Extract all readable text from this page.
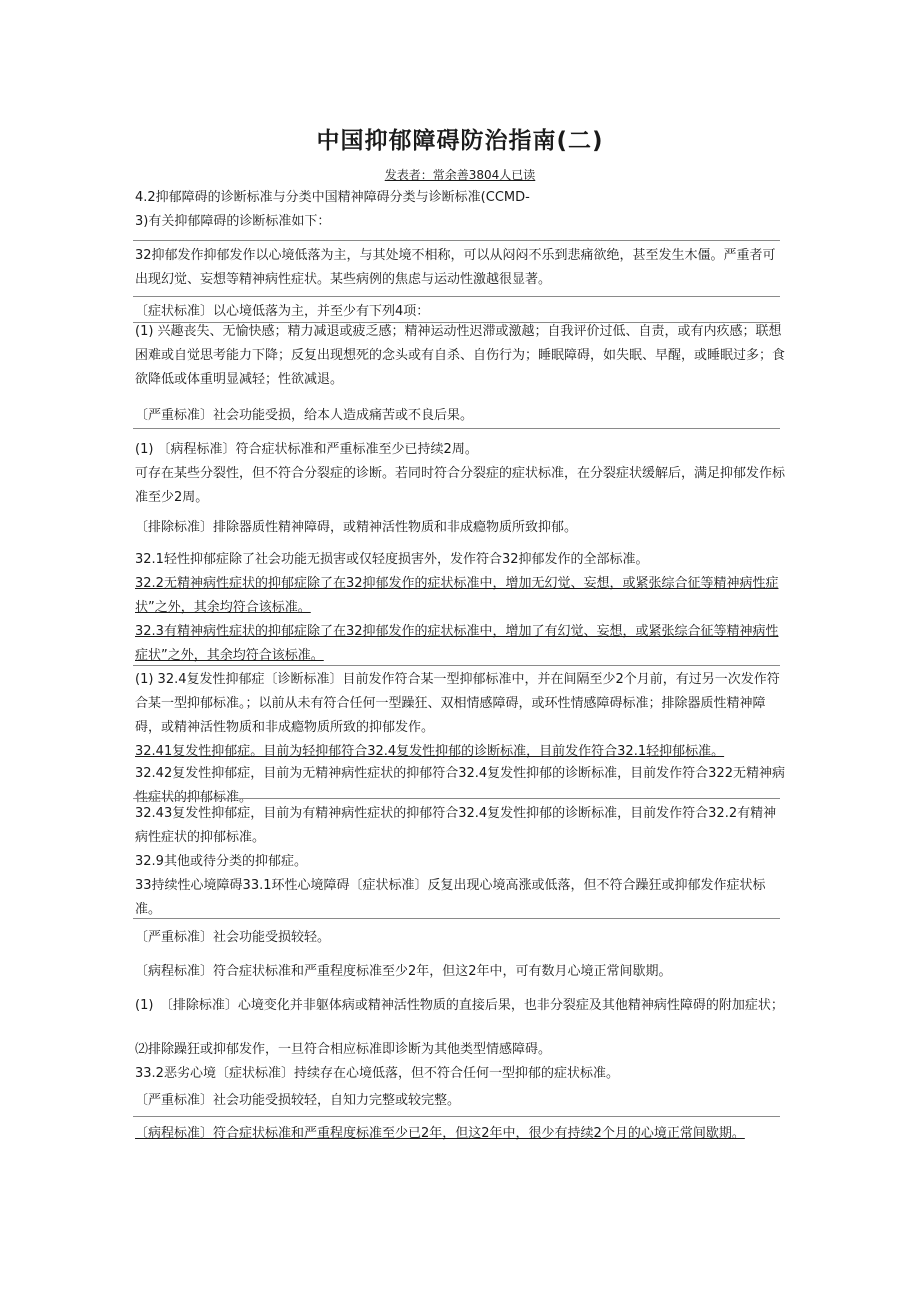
中国抑郁障碍防治指南(二)
发表者：常余善3804人已读
4.2抑郁障碍的诊断标准与分类中国精神障碍分类与诊断标准(CCMD-
3)有关抑郁障碍的诊断标准如下：
32抑郁发作抑郁发作以心境低落为主，与其处境不相称，可以从闷闷不乐到悲痛欲绝，甚至发生木僵。严重者可出现幻觉、妄想等精神病性症状。某些病例的焦虑与运动性激越很显著。
〔症状标准〕以心境低落为主，并至少有下列4项：
(1) 兴趣丧失、无愉快感；精力减退或疲乏感；精神运动性迟滞或激越；自我评价过低、自责，或有内疚感；联想困难或自觉思考能力下降；反复出现想死的念头或有自杀、自伤行为；睡眠障碍，如失眠、早醒，或睡眠过多；食欲降低或体重明显减轻；性欲减退。
〔严重标准〕社会功能受损，给本人造成痛苦或不良后果。
(1) 〔病程标准〕符合症状标准和严重标准至少已持续2周。
可存在某些分裂性，但不符合分裂症的诊断。若同时符合分裂症的症状标准，在分裂症状缓解后，满足抑郁发作标准至少2周。
〔排除标准〕排除器质性精神障碍，或精神活性物质和非成瘾物质所致抑郁。
32.1轻性抑郁症除了社会功能无损害或仅轻度损害外，发作符合32抑郁发作的全部标准。
32.2无精神病性症状的抑郁症除了在32抑郁发作的症状标准中，增加无幻觉、妄想，或紧张综合征等精神病性症状”之外，其余均符合该标准。
32.3有精神病性症状的抑郁症除了在32抑郁发作的症状标准中，增加了有幻觉、妄想，或紧张综合征等精神病性症状”之外，其余均符合该标准。
(1) 32.4复发性抑郁症〔诊断标准〕目前发作符合某一型抑郁标准中，并在间隔至少2个月前，有过另一次发作符合某一型抑郁标准。；以前从未有符合任何一型躁狂、双相情感障碍，或环性情感障碍标准；排除器质性精神障碍，或精神活性物质和非成瘾物质所致的抑郁发作。
32.41复发性抑郁症。目前为轻抑郁符合32.4复发性抑郁的诊断标准，目前发作符合32.1轻抑郁标准。
32.42复发性抑郁症，目前为无精神病性症状的抑郁符合32.4复发性抑郁的诊断标准，目前发作符合322无精神病性症状的抑郁标准。
32.43复发性抑郁症，目前为有精神病性症状的抑郁符合32.4复发性抑郁的诊断标准，目前发作符合32.2有精神病性症状的抑郁标准。
32.9其他或待分类的抑郁症。
33持续性心境障碍33.1环性心境障碍〔症状标准〕反复出现心境高涨或低落，但不符合躁狂或抑郁发作症状标准。
〔严重标准〕社会功能受损较轻。
〔病程标准〕符合症状标准和严重程度标准至少2年，但这2年中，可有数月心境正常间歇期。
(1)　〔排除标准〕心境变化并非躯体病或精神活性物质的直接后果，也非分裂症及其他精神病性障碍的附加症状；
⑵排除躁狂或抑郁发作，一旦符合相应标准即诊断为其他类型情感障碍。
33.2恶劣心境〔症状标准〕持续存在心境低落，但不符合任何一型抑郁的症状标准。
〔严重标准〕社会功能受损较轻，自知力完整或较完整。
〔病程标准〕符合症状标准和严重程度标准至少已2年，但这2年中，很少有持续2个月的心境正常间歇期。
